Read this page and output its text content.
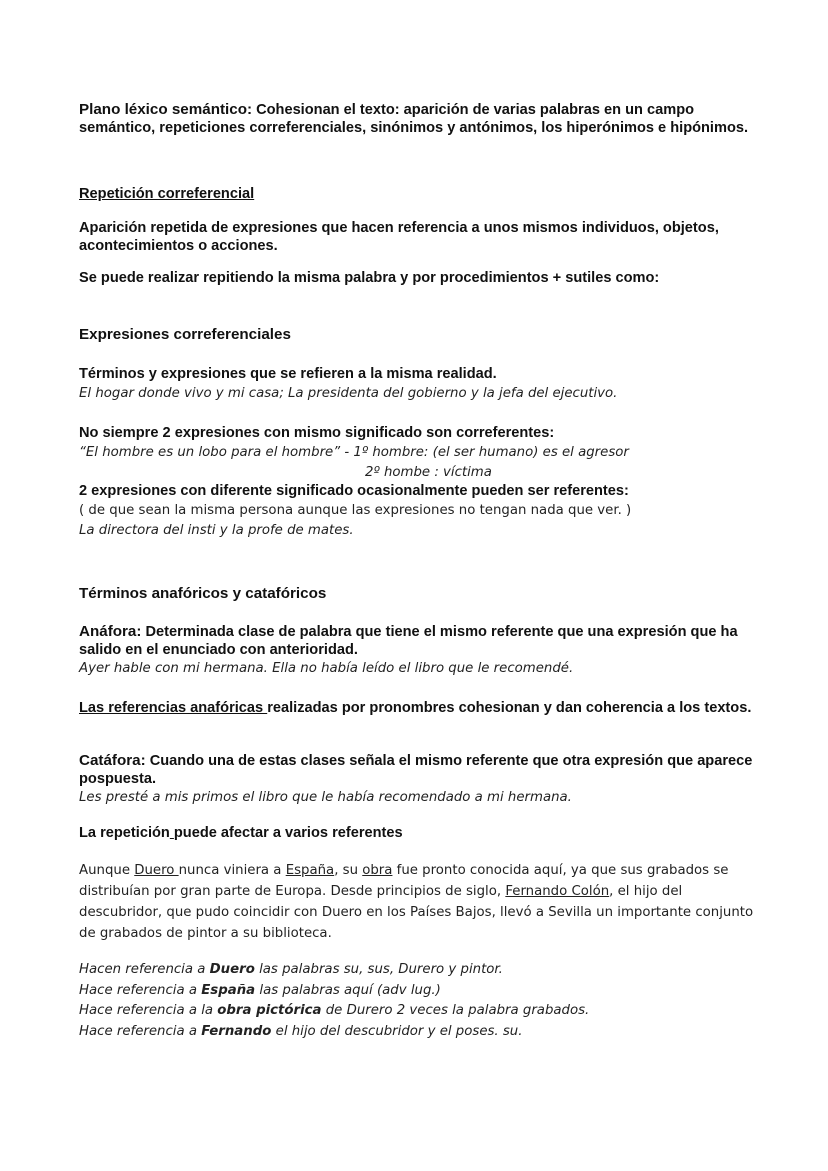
Plano léxico semántico: Cohesionan el texto: aparición de varias palabras en un campo semántico, repeticiones correferenciales, sinónimos y antónimos, los hiperónimos e hipónimos.
Repetición correferencial
Aparición repetida de expresiones que hacen referencia a unos mismos individuos, objetos, acontecimientos o acciones.
Se puede realizar repitiendo la misma palabra y por procedimientos + sutiles como:
Expresiones correferenciales
Términos y expresiones que se refieren a la misma realidad.
El hogar donde vivo y mi casa; La presidenta del gobierno y la jefa del ejecutivo.
No siempre 2 expresiones con mismo significado son correferentes:
“El hombre es un lobo para el hombre” - 1º hombre: (el ser humano) es el agresor
2º hombe : víctima
2 expresiones con diferente significado ocasionalmente pueden ser referentes:
( de que sean la misma persona aunque las expresiones no tengan nada que ver. )
La directora del insti y la profe de mates.
Términos anafóricos y catafóricos
Anáfora: Determinada clase de palabra que tiene el mismo referente que una expresión que ha salido en el enunciado con anterioridad.
Ayer hable con mi hermana. Ella no había leído el libro que le recomendé.
Las referencias anafóricas realizadas por pronombres cohesionan y dan coherencia a los textos.
Catáfora: Cuando una de estas clases señala el mismo referente que otra expresión que aparece pospuesta.
Les presté a mis primos el libro que le había recomendado a mi hermana.
La repetición puede afectar a varios referentes
Aunque Duero nunca viniera a España, su obra fue pronto conocida aquí, ya que sus grabados se distribuían por gran parte de Europa. Desde principios de siglo, Fernando Colón, el hijo del descubridor, que pudo coincidir con Duero en los Países Bajos, llevó a Sevilla un importante conjunto de grabados de pintor a su biblioteca.
Hacen referencia a Duero las palabras su, sus, Durero y pintor.
Hace referencia a España las palabras aquí (adv lug.)
Hace referencia a la obra pictórica de Durero 2 veces la palabra grabados.
Hace referencia a Fernando el hijo del descubridor y el poses. su.
